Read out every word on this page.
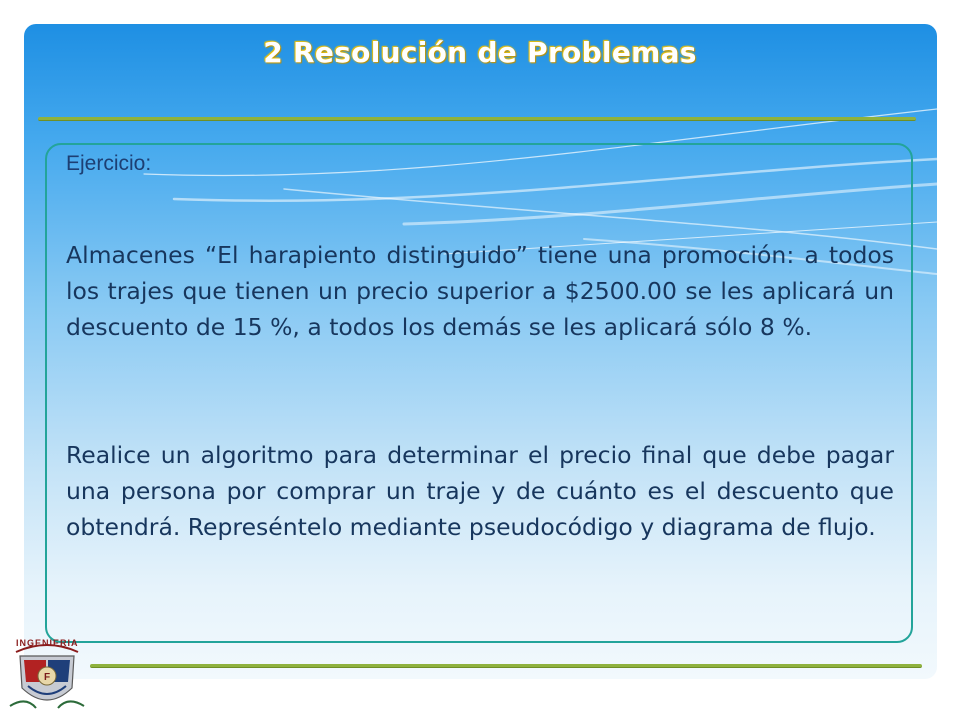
2 Resolución de Problemas
Ejercicio:

Almacenes “El harapiento distinguido” tiene una promoción: a todos los trajes que tienen un precio superior a $2500.00 se les aplicará un descuento de 15 %, a todos los demás se les aplicará sólo 8 %.

Realice un algoritmo para determinar el precio final que debe pagar una persona por comprar un traje y de cuánto es el descuento que obtendrá. Represéntelo mediante pseudocódigo y diagrama de flujo.

F
INGENIERIA
